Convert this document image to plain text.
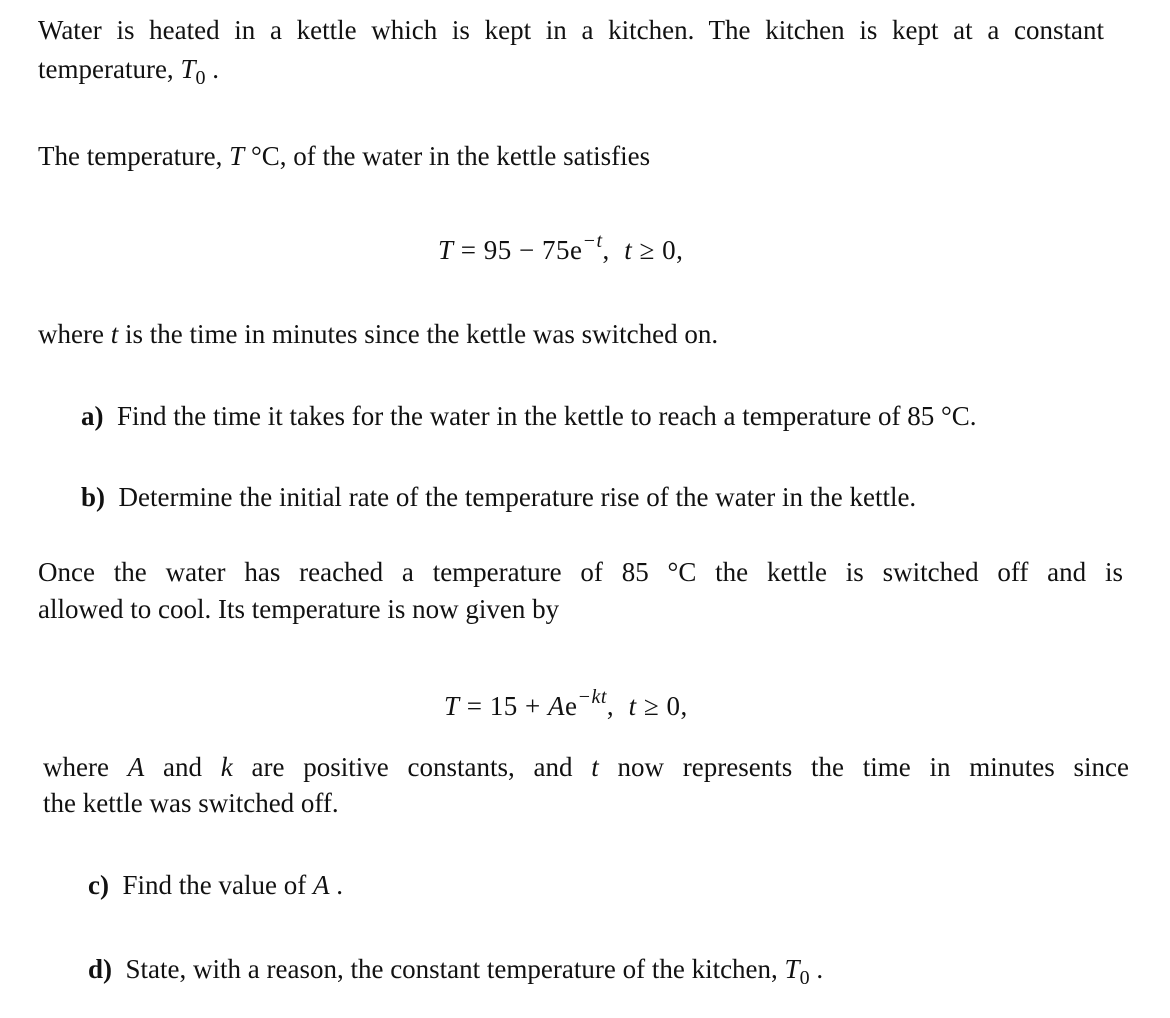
Water is heated in a kettle which is kept in a kitchen. The kitchen is kept at a constant
temperature, $T_0$ .
The temperature, T °C, of the water in the kettle satisfies
$T = 95 - 75e^{-t}$, t ≥ 0,
where t is the time in minutes since the kettle was switched on.
a) Find the time it takes for the water in the kettle to reach a temperature of 85 °C.
b) Determine the initial rate of the temperature rise of the water in the kettle.
Once the water has reached a temperature of 85 °C the kettle is switched off and is
allowed to cool. Its temperature is now given by
$T = 15 + Ae^{-kt}$, t ≥ 0,
where A and k are positive constants, and t now represents the time in minutes since
the kettle was switched off.
c) Find the value of A .
d) State, with a reason, the constant temperature of the kitchen, $T_0$ .
